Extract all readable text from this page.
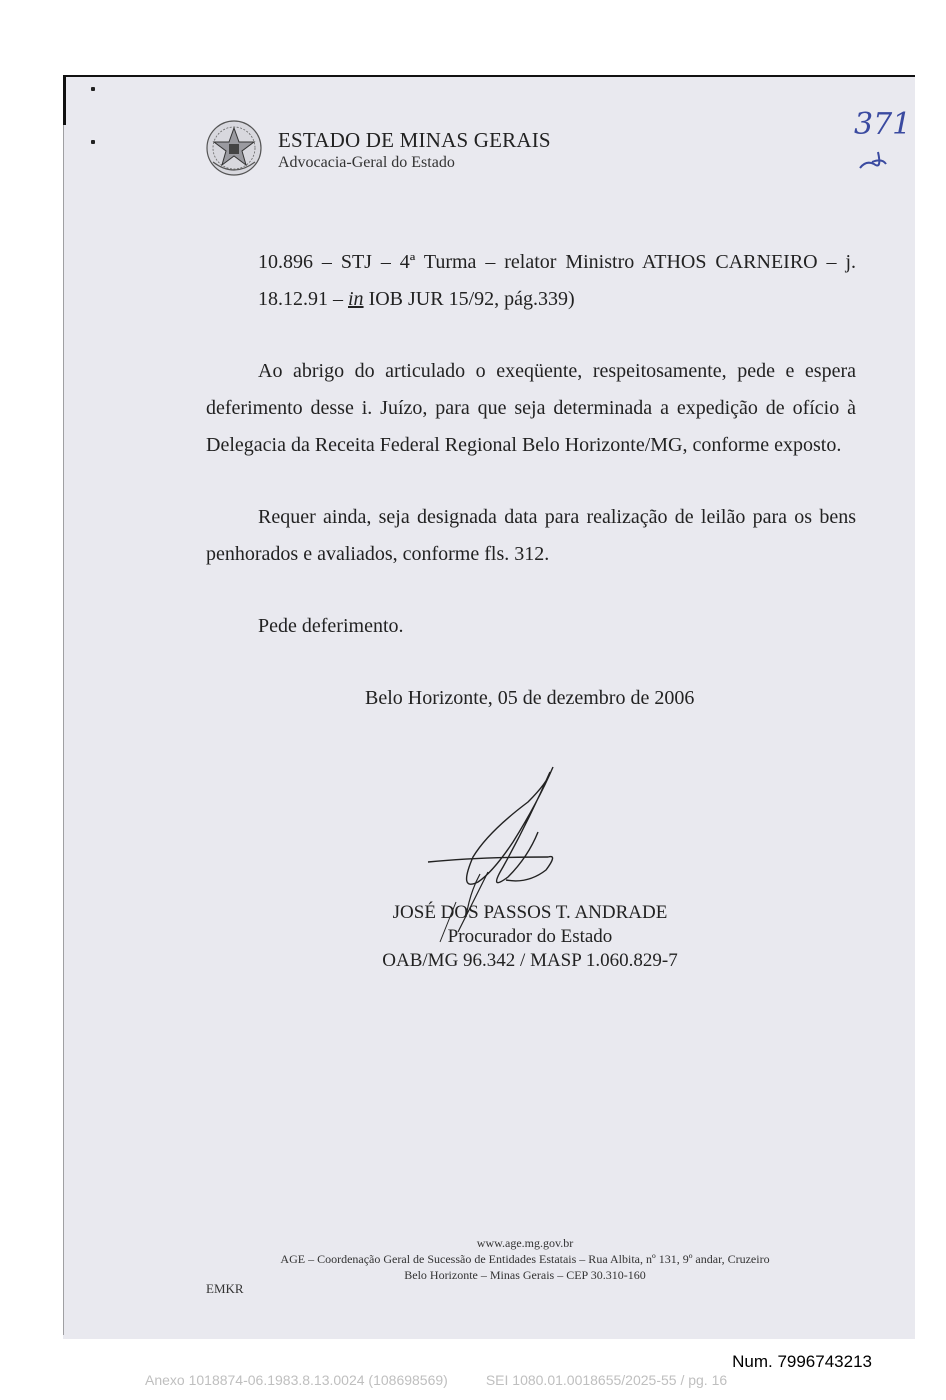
ESTADO DE MINAS GERAIS
Advocacia-Geral do Estado
371
10.896 – STJ – 4ª Turma – relator Ministro ATHOS CARNEIRO – j.
18.12.91 – in IOB JUR 15/92, pág.339)
Ao abrigo do articulado o exeqüente, respeitosamente, pede e espera
deferimento desse i. Juízo, para que seja determinada a expedição de ofício à
Delegacia da Receita Federal Regional Belo Horizonte/MG, conforme exposto.
Requer ainda, seja designada data para realização de leilão para os bens
penhorados e avaliados, conforme fls. 312.
Pede deferimento.
Belo Horizonte, 05 de dezembro de 2006
JOSÉ DOS PASSOS T. ANDRADE
Procurador do Estado
OAB/MG 96.342 / MASP 1.060.829-7
www.age.mg.gov.br
AGE – Coordenação Geral de Sucessão de Entidades Estatais – Rua Albita, nº 131, 9º andar, Cruzeiro
Belo Horizonte – Minas Gerais – CEP 30.310-160
EMKR
Num. 7996743213
Anexo 1018874-06.1983.8.13.0024 (108698569)	SEI 1080.01.0018655/2025-55 / pg. 16
